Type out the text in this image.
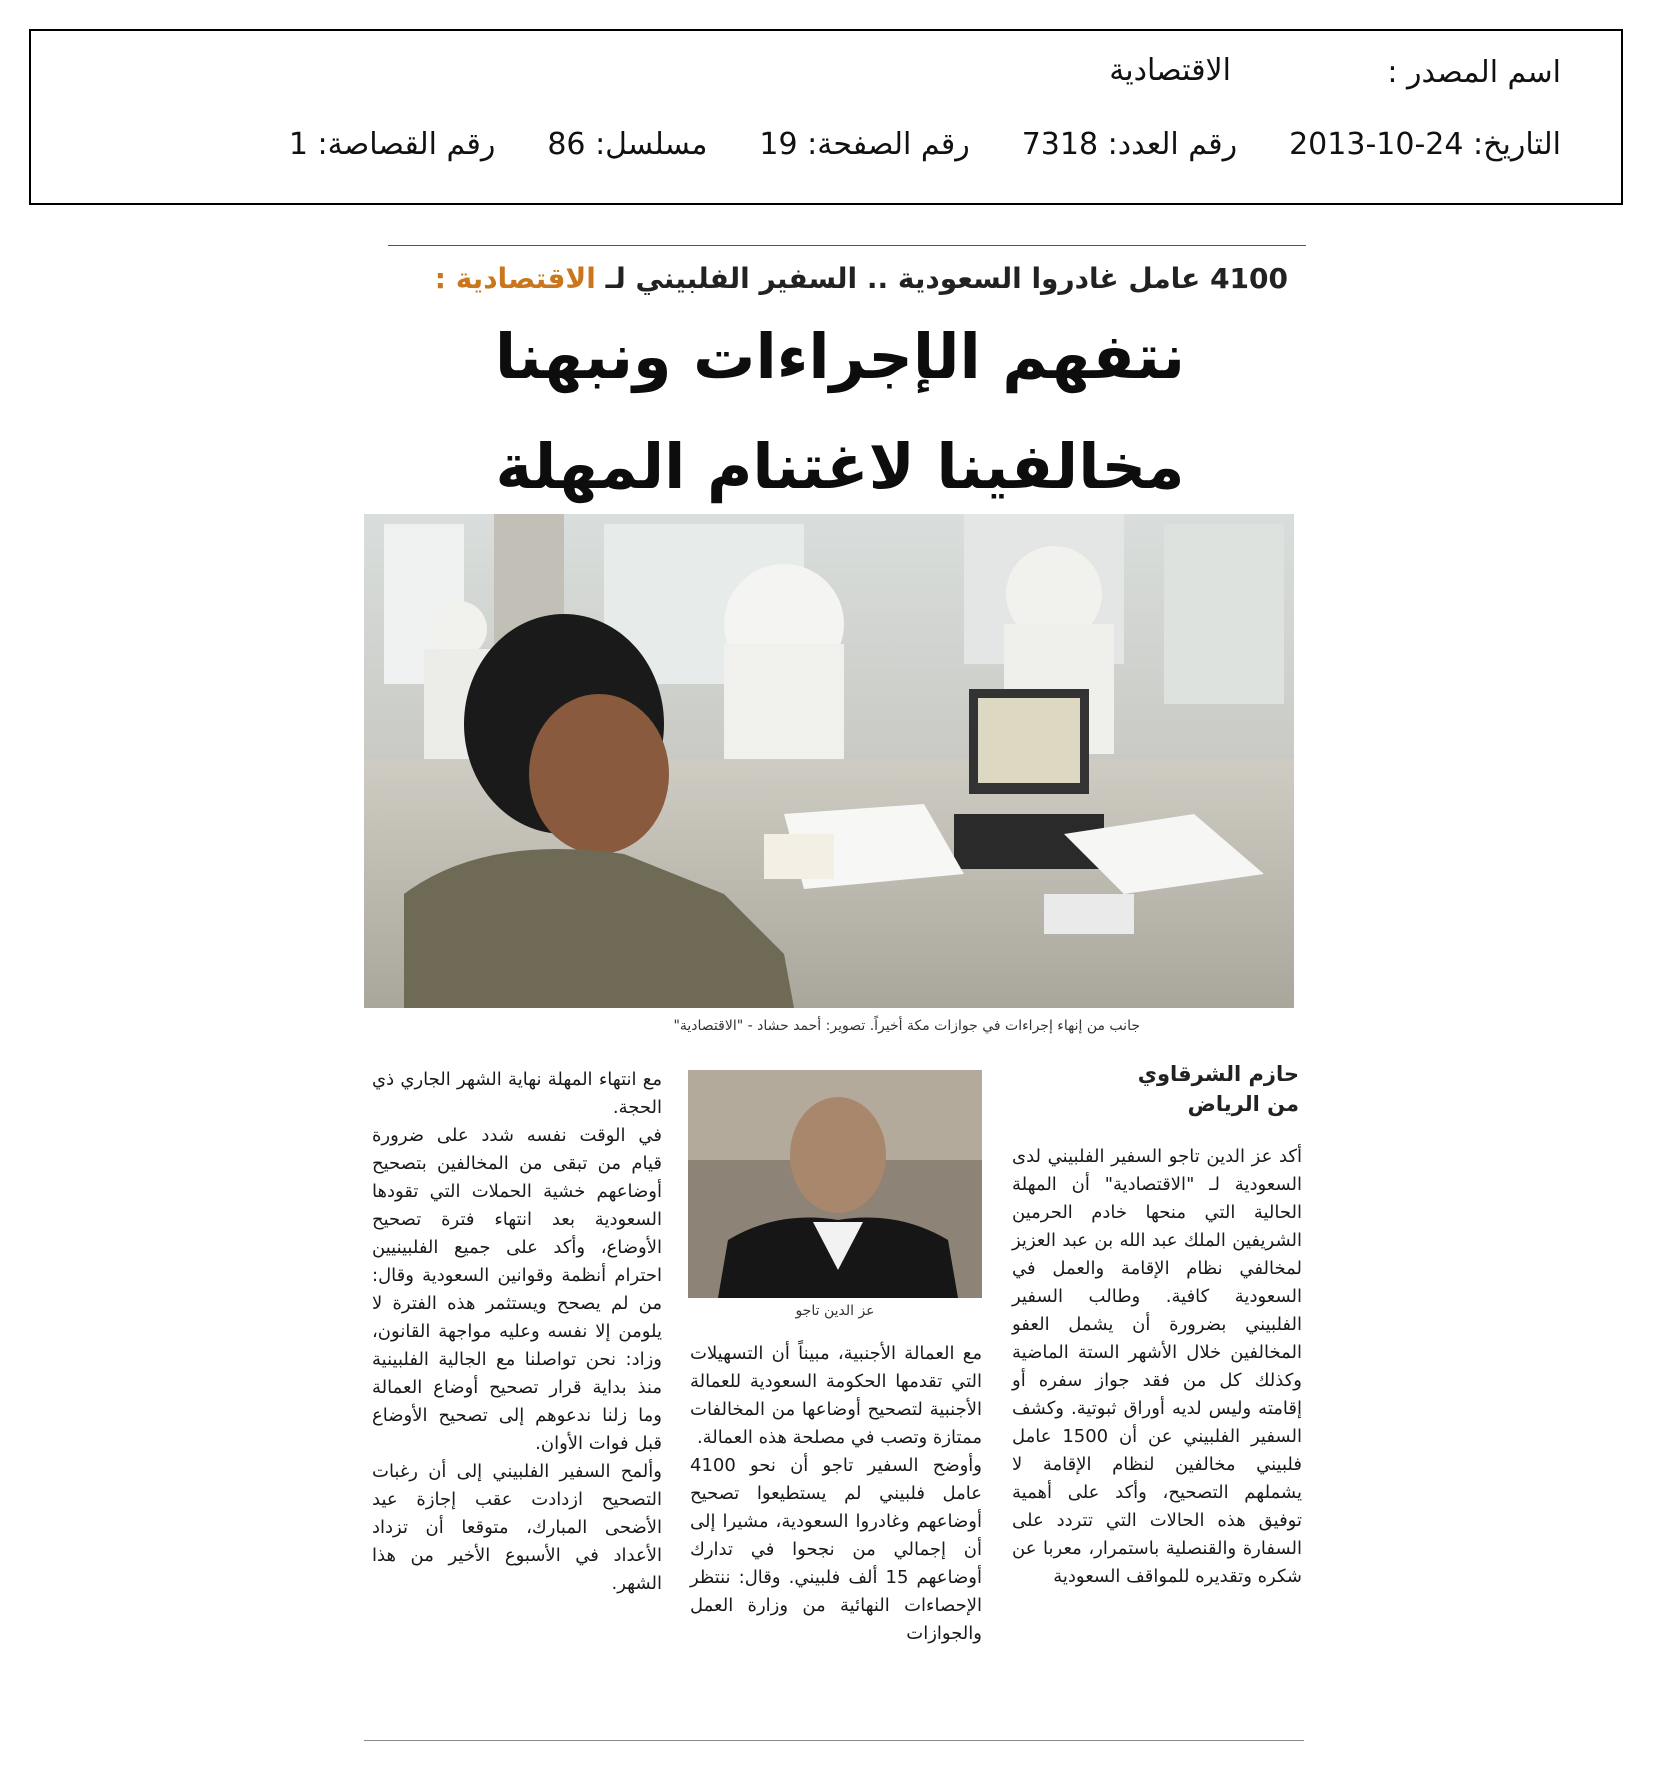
اسم المصدر :
الاقتصادية
التاريخ: 24-10-2013
رقم العدد: 7318
رقم الصفحة: 19
مسلسل: 86
رقم القصاصة: 1
4100 عامل غادروا السعودية .. السفير الفلبيني لـ الاقتصادية :
نتفهم الإجراءات ونبهنا
مخالفينا لاغتنام المهلة
جانب من إنهاء إجراءات في جوازات مكة أخيراً. تصوير: أحمد حشاد - "الاقتصادية"
حازم الشرقاوي
من الرياض

أكد عز الدين تاجو السفير الفلبيني لدى السعودية لـ "الاقتصادية" أن المهلة الحالية التي منحها خادم الحرمين الشريفين الملك عبد الله بن عبد العزيز لمخالفي نظام الإقامة والعمل في السعودية كافية. وطالب السفير الفلبيني بضرورة أن يشمل العفو المخالفين خلال الأشهر الستة الماضية وكذلك كل من فقد جواز سفره أو إقامته وليس لديه أوراق ثبوتية. وكشف السفير الفلبيني عن أن 1500 عامل فلبيني مخالفين لنظام الإقامة لا يشملهم التصحيح، وأكد على أهمية توفيق هذه الحالات التي تتردد على السفارة والقنصلية باستمرار، معربا عن شكره وتقديره للمواقف السعودية

عز الدين تاجو

مع العمالة الأجنبية، مبيناً أن التسهيلات التي تقدمها الحكومة السعودية للعمالة الأجنبية لتصحيح أوضاعها من المخالفات ممتازة وتصب في مصلحة هذه العمالة.

وأوضح السفير تاجو أن نحو 4100 عامل فلبيني لم يستطيعوا تصحيح أوضاعهم وغادروا السعودية، مشيرا إلى أن إجمالي من نجحوا في تدارك أوضاعهم 15 ألف فلبيني. وقال: ننتظر الإحصاءات النهائية من وزارة العمل والجوازات

مع انتهاء المهلة نهاية الشهر الجاري ذي الحجة.

في الوقت نفسه شدد على ضرورة قيام من تبقى من المخالفين بتصحيح أوضاعهم خشية الحملات التي تقودها السعودية بعد انتهاء فترة تصحيح الأوضاع، وأكد على جميع الفلبينيين احترام أنظمة وقوانين السعودية وقال: من لم يصحح ويستثمر هذه الفترة لا يلومن إلا نفسه وعليه مواجهة القانون، وزاد: نحن تواصلنا مع الجالية الفلبينية منذ بداية قرار تصحيح أوضاع العمالة وما زلنا ندعوهم إلى تصحيح الأوضاع قبل فوات الأوان.

وألمح السفير الفلبيني إلى أن رغبات التصحيح ازدادت عقب إجازة عيد الأضحى المبارك، متوقعا أن تزداد الأعداد في الأسبوع الأخير من هذا الشهر.
